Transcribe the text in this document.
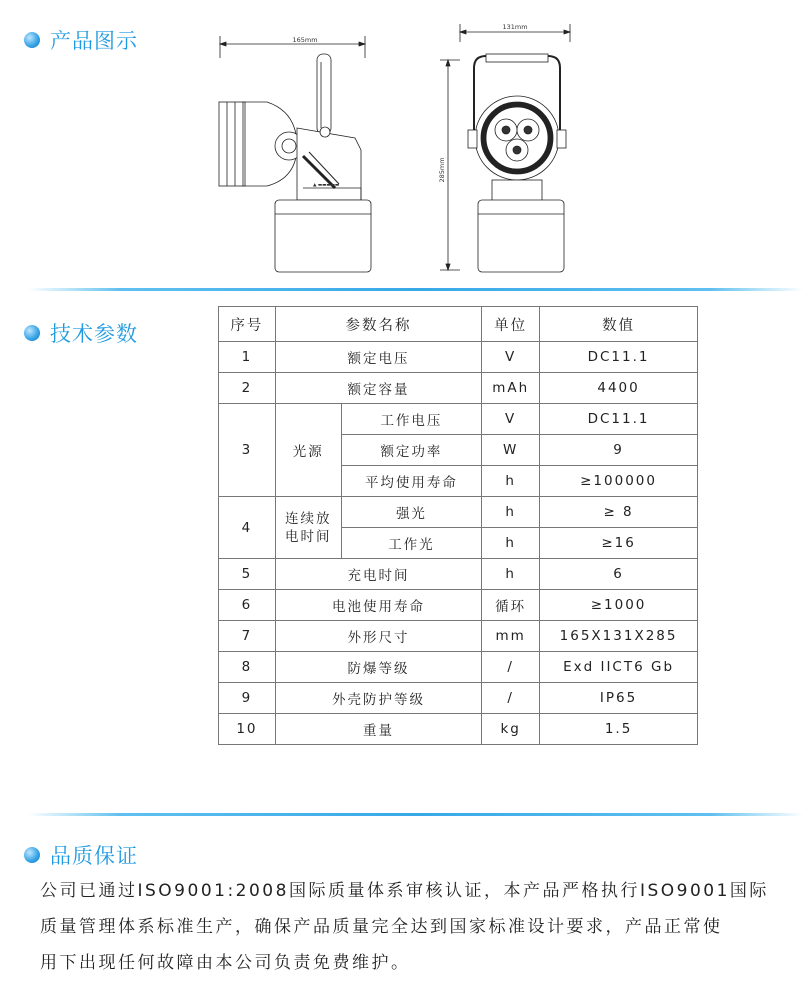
产品图示	165mm
▲ ▬▬▬▬▬
131mm
285mm
技术参数	序号	参数名称		单位	数值
1	额定电压		V	DC11.1
2	额定容量		mAh	4400
3	光源	工作电压	V	DC11.1
		额定功率	W	9
		平均使用寿命	h	≥100000
4	连续放
电时间	强光	h	≥ 8
		工作光	h	≥16
5	充电时间		h	6
6	电池使用寿命		循环	≥1000
7	外形尺寸		mm	165X131X285
8	防爆等级		/	Exd IICT6 Gb
9	外壳防护等级		/	IP65
10	重量		kg	1.5
品质保证

公司已通过ISO9001:2008国际质量体系审核认证，本产品严格执行ISO9001国际

质量管理体系标准生产，确保产品质量完全达到国家标准设计要求，产品正常使

用下出现任何故障由本公司负责免费维护。
